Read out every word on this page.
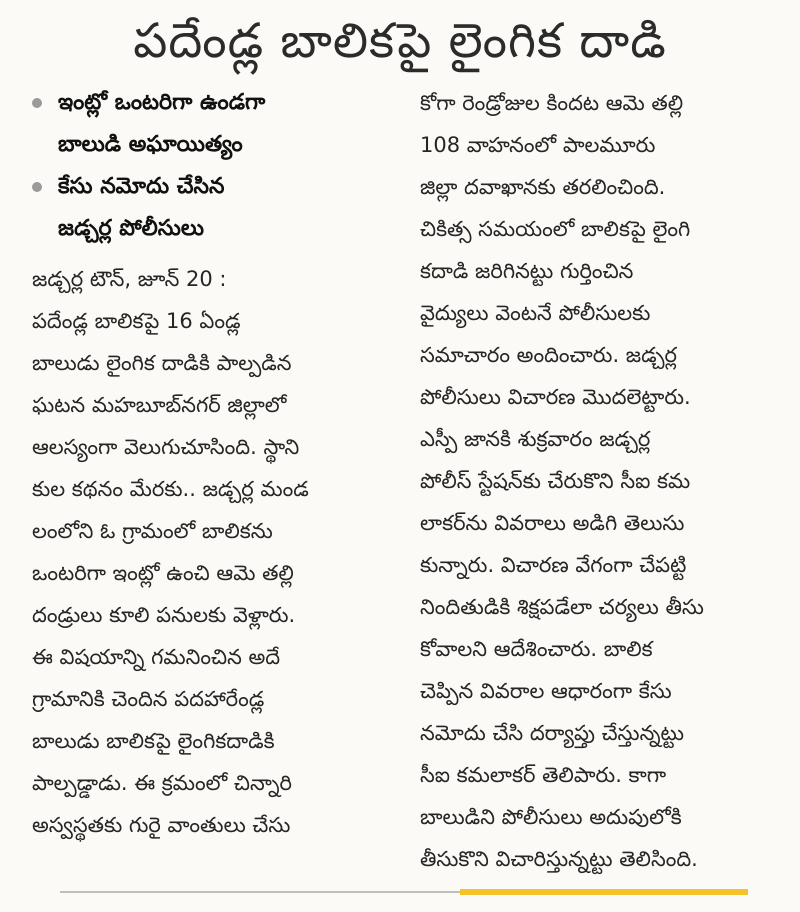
పదేండ్ల బాలికపై లైంగిక దాడి
ఇంట్లో ఒంటరిగా ఉండగా
బాలుడి అఘాయిత్యం
కేసు నమోదు చేసిన
జడ్చర్ల పోలీసులు
జడ్చర్ల టౌన్, జూన్ 20 :
పదేండ్ల బాలికపై 16 ఏండ్ల
బాలుడు లైంగిక దాడికి పాల్పడిన
ఘటన మహబూబ్‌నగర్ జిల్లాలో
ఆలస్యంగా వెలుగుచూసింది. స్థాని
కుల కథనం మేరకు.. జడ్చర్ల మండ
లంలోని ఓ గ్రామంలో బాలికను
ఒంటరిగా ఇంట్లో ఉంచి ఆమె తల్లి
దండ్రులు కూలి పనులకు వెళ్లారు.
ఈ విషయాన్ని గమనించిన అదే
గ్రామానికి చెందిన పదహారేండ్ల
బాలుడు బాలికపై లైంగికదాడికి
పాల్పడ్డాడు. ఈ క్రమంలో చిన్నారి
అస్వస్థతకు గురై వాంతులు చేసు
కోగా రెండ్రోజుల కిందట ఆమె తల్లి
108 వాహనంలో పాలమూరు
జిల్లా దవాఖానకు తరలించింది.
చికిత్స సమయంలో బాలికపై లైంగి
కదాడి జరిగినట్టు గుర్తించిన
వైద్యులు వెంటనే పోలీసులకు
సమాచారం అందించారు. జడ్చర్ల
పోలీసులు విచారణ మొదలెట్టారు.
ఎస్పీ జానకి శుక్రవారం జడ్చర్ల
పోలీస్ స్టేషన్‌కు చేరుకొని సీఐ కమ
లాకర్‌ను వివరాలు అడిగి తెలుసు
కున్నారు. విచారణ వేగంగా చేపట్టి
నిందితుడికి శిక్షపడేలా చర్యలు తీసు
కోవాలని ఆదేశించారు. బాలిక
చెప్పిన వివరాల ఆధారంగా కేసు
నమోదు చేసి దర్యాప్తు చేస్తున్నట్టు
సీఐ కమలాకర్ తెలిపారు. కాగా
బాలుడిని పోలీసులు అదుపులోకి
తీసుకొని విచారిస్తున్నట్టు తెలిసింది.
